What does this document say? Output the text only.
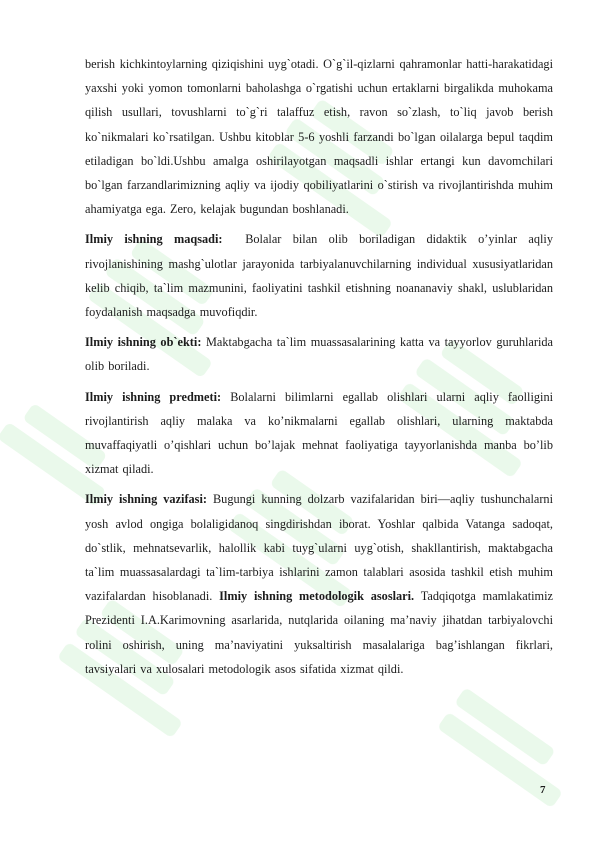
berish kichkintoylarning qiziqishini uyg`otadi. O`g`il-qizlarni qahramonlar hatti-harakatidagi yaxshi yoki yomon tomonlarni baholashga o`rgatishi uchun ertaklarni birgalikda muhokama qilish usullari, tovushlarni to`g`ri talaffuz etish, ravon so`zlash, to`liq javob berish ko`nikmalari ko`rsatilgan. Ushbu kitoblar 5-6 yoshli farzandi bo`lgan oilalarga bepul taqdim etiladigan bo`ldi.Ushbu amalga oshirilayotgan maqsadli ishlar ertangi kun davomchilari bo`lgan farzandlarimizning aqliy va ijodiy qobiliyatlarini o`stirish va rivojlantirishda muhim ahamiyatga ega. Zero, kelajak bugundan boshlanadi.

Ilmiy ishning maqsadi: Bolalar bilan olib boriladigan didaktik o’yinlar aqliy rivojlanishining mashg`ulotlar jarayonida tarbiyalanuvchilarning individual xususiyatlaridan kelib chiqib, ta`lim mazmunini, faoliyatini tashkil etishning noananaviy shakl, uslublaridan foydalanish maqsadga muvofiqdir.

Ilmiy ishning ob`ekti: Maktabgacha ta`lim muassasalarining katta va tayyorlov guruhlarida olib boriladi.

Ilmiy ishning predmeti: Bolalarni bilimlarni egallab olishlari ularni aqliy faolligini rivojlantirish aqliy malaka va ko’nikmalarni egallab olishlari, ularning maktabda muvaffaqiyatli o’qishlari uchun bo’lajak mehnat faoliyatiga tayyorlanishda manba bo’lib xizmat qiladi.

Ilmiy ishning vazifasi: Bugungi kunning dolzarb vazifalaridan biri—aqliy tushunchalarni yosh avlod ongiga bolaligidanoq singdirishdan iborat. Yoshlar qalbida Vatanga sadoqat, do`stlik, mehnatsevarlik, halollik kabi tuyg`ularni uyg`otish, shakllantirish, maktabgacha ta`lim muassasalardagi ta`lim-tarbiya ishlarini zamon talablari asosida tashkil etish muhim vazifalardan hisoblanadi. Ilmiy ishning metodologik asoslari. Tadqiqotga mamlakatimiz Prezidenti I.A.Karimovning asarlarida, nutqlarida oilaning ma’naviy jihatdan tarbiyalovchi rolini oshirish, uning ma’naviyatini yuksaltirish masalalariga bag’ishlangan fikrlari, tavsiyalari va xulosalari metodologik asos sifatida xizmat qildi.

7
